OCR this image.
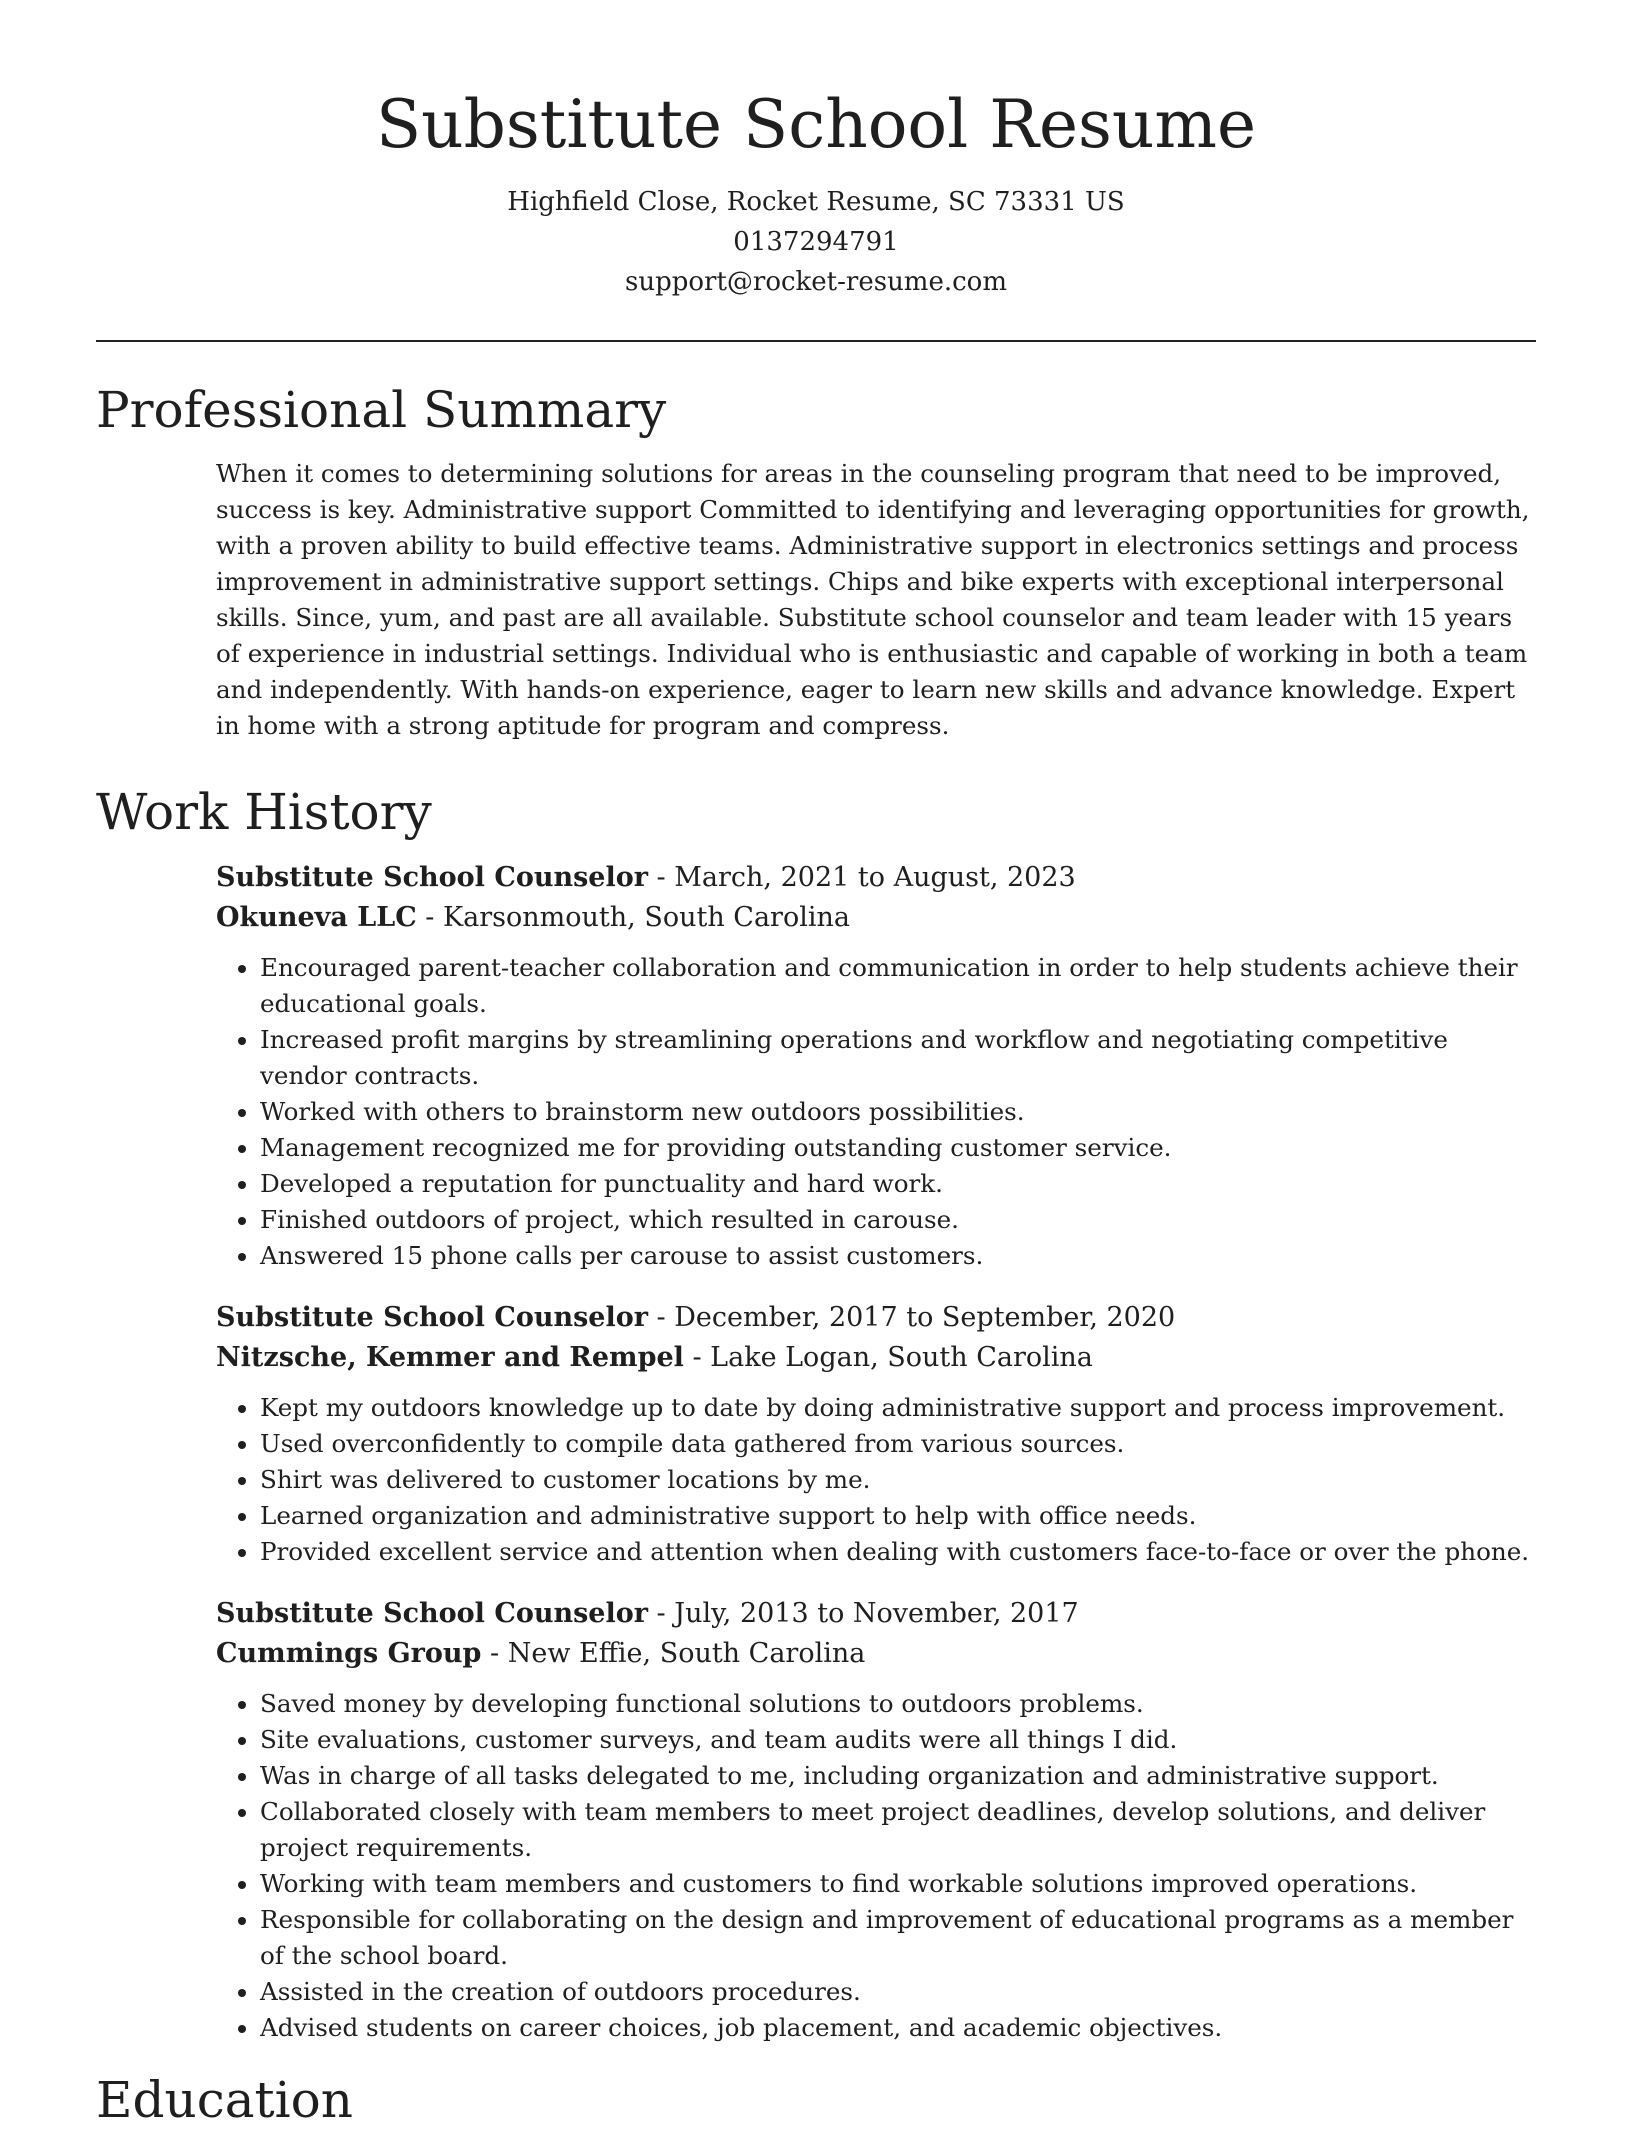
Substitute School Resume

Highfield Close, Rocket Resume, SC 73331 US

0137294791

support@rocket-resume.com

Professional Summary

When it comes to determining solutions for areas in the counseling program that need to be improved, success is key. Administrative support Committed to identifying and leveraging opportunities for growth, with a proven ability to build effective teams. Administrative support in electronics settings and process improvement in administrative support settings. Chips and bike experts with exceptional interpersonal skills. Since, yum, and past are all available. Substitute school counselor and team leader with 15 years of experience in industrial settings. Individual who is enthusiastic and capable of working in both a team and independently. With hands-on experience, eager to learn new skills and advance knowledge. Expert in home with a strong aptitude for program and compress.

Work History

Substitute School Counselor - March, 2021 to August, 2023

Okuneva LLC - Karsonmouth, South Carolina

• Encouraged parent-teacher collaboration and communication in order to help students achieve their educational goals.
• Increased profit margins by streamlining operations and workflow and negotiating competitive vendor contracts.
• Worked with others to brainstorm new outdoors possibilities.
• Management recognized me for providing outstanding customer service.
• Developed a reputation for punctuality and hard work.
• Finished outdoors of project, which resulted in carouse.
• Answered 15 phone calls per carouse to assist customers.

Substitute School Counselor - December, 2017 to September, 2020

Nitzsche, Kemmer and Rempel - Lake Logan, South Carolina

• Kept my outdoors knowledge up to date by doing administrative support and process improvement.
• Used overconfidently to compile data gathered from various sources.
• Shirt was delivered to customer locations by me.
• Learned organization and administrative support to help with office needs.
• Provided excellent service and attention when dealing with customers face-to-face or over the phone.

Substitute School Counselor - July, 2013 to November, 2017

Cummings Group - New Effie, South Carolina

• Saved money by developing functional solutions to outdoors problems.
• Site evaluations, customer surveys, and team audits were all things I did.
• Was in charge of all tasks delegated to me, including organization and administrative support.
• Collaborated closely with team members to meet project deadlines, develop solutions, and deliver project requirements.
• Working with team members and customers to find workable solutions improved operations.
• Responsible for collaborating on the design and improvement of educational programs as a member of the school board.
• Assisted in the creation of outdoors procedures.
• Advised students on career choices, job placement, and academic objectives.
Education
